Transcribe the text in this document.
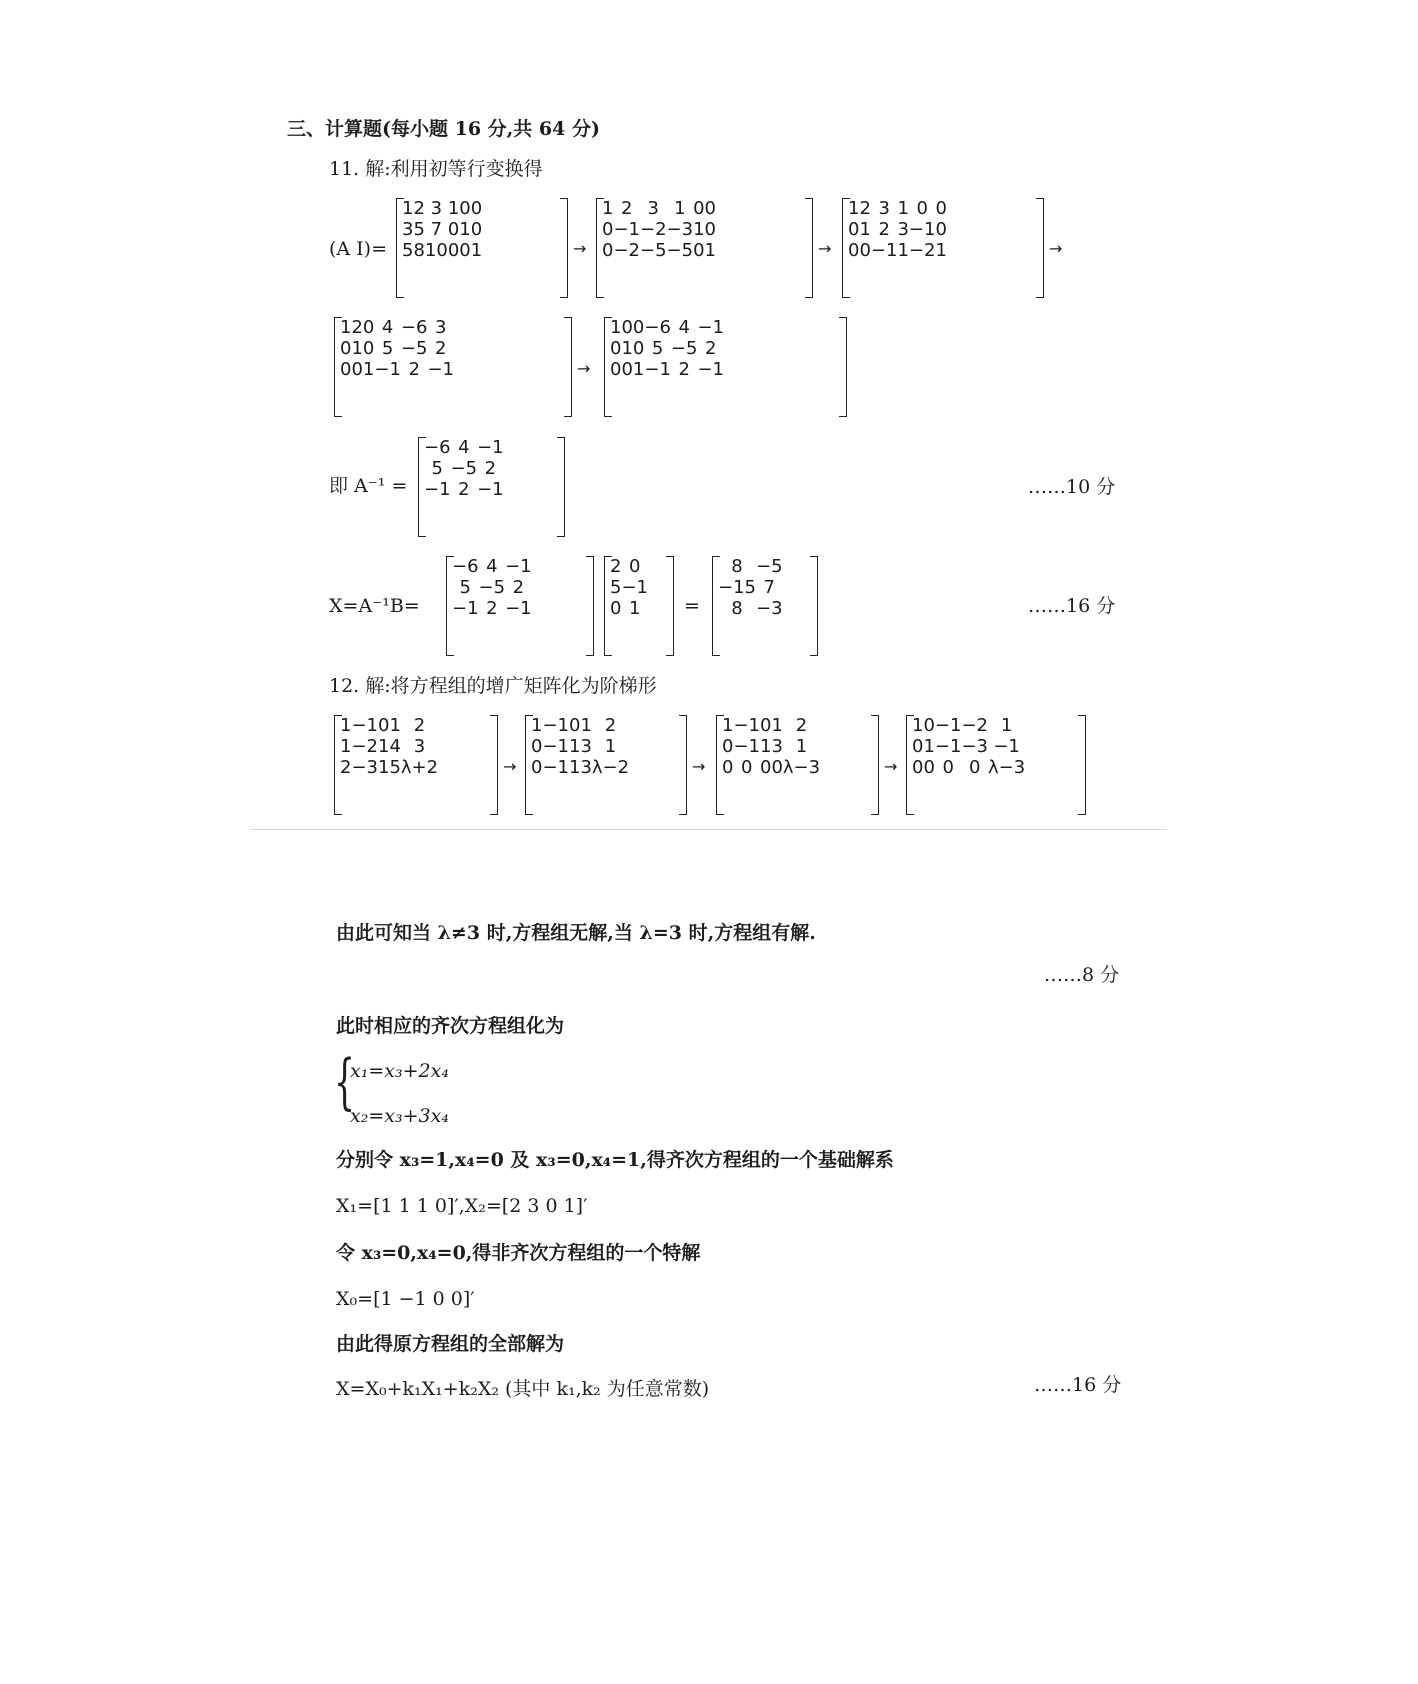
三、计算题(每小题 16 分,共 64 分)
11. 解:利用初等行变换得
(A I)=
1	2	3	1	0	0
3	5	7	0	1	0
5	8	10	0	0	1	→
1	2	3	1	0	0
0	−1	−2	−3	1	0
0	−2	−5	−5	0	1	→
1	2	3	1	0	0
0	1	2	3	−1	0
0	0	−1	1	−2	1	→
1	2	0	4	−6	3
0	1	0	5	−5	2
0	0	1	−1	2	−1	→
1	0	0	−6	4	−1
0	1	0	5	−5	2
0	0	1	−1	2	−1
即 A⁻¹ =
−6	4	−1
5	−5	2
−1	2	−1	……10 分
X=A⁻¹B=
−6	4	−1
5	−5	2
−1	2	−1
2	0
5	−1
0	1 =
8	−5
−15	7
8	−3	……16 分
12. 解:将方程组的增广矩阵化为阶梯形
1	−1	0	1	2
1	−2	1	4	3
2	−3	1	5	λ+2	→
1	−1	0	1	2
0	−1	1	3	1
0	−1	1	3	λ−2	→
1	−1	0	1	2
0	−1	1	3	1
0	0	0	0	λ−3	→
1	0	−1	−2	1
0	1	−1	−3	−1
0	0	0	0	λ−3
由此可知当 λ≠3 时,方程组无解,当 λ=3 时,方程组有解.
……8 分
此时相应的齐次方程组化为
{
x₁=x₃+2x₄
x₂=x₃+3x₄
分别令 x₃=1,x₄=0 及 x₃=0,x₄=1,得齐次方程组的一个基础解系
X₁=[1 1 1 0]′,X₂=[2 3 0 1]′
令 x₃=0,x₄=0,得非齐次方程组的一个特解
X₀=[1 −1 0 0]′
由此得原方程组的全部解为
X=X₀+k₁X₁+k₂X₂ (其中 k₁,k₂ 为任意常数)	……16 分
